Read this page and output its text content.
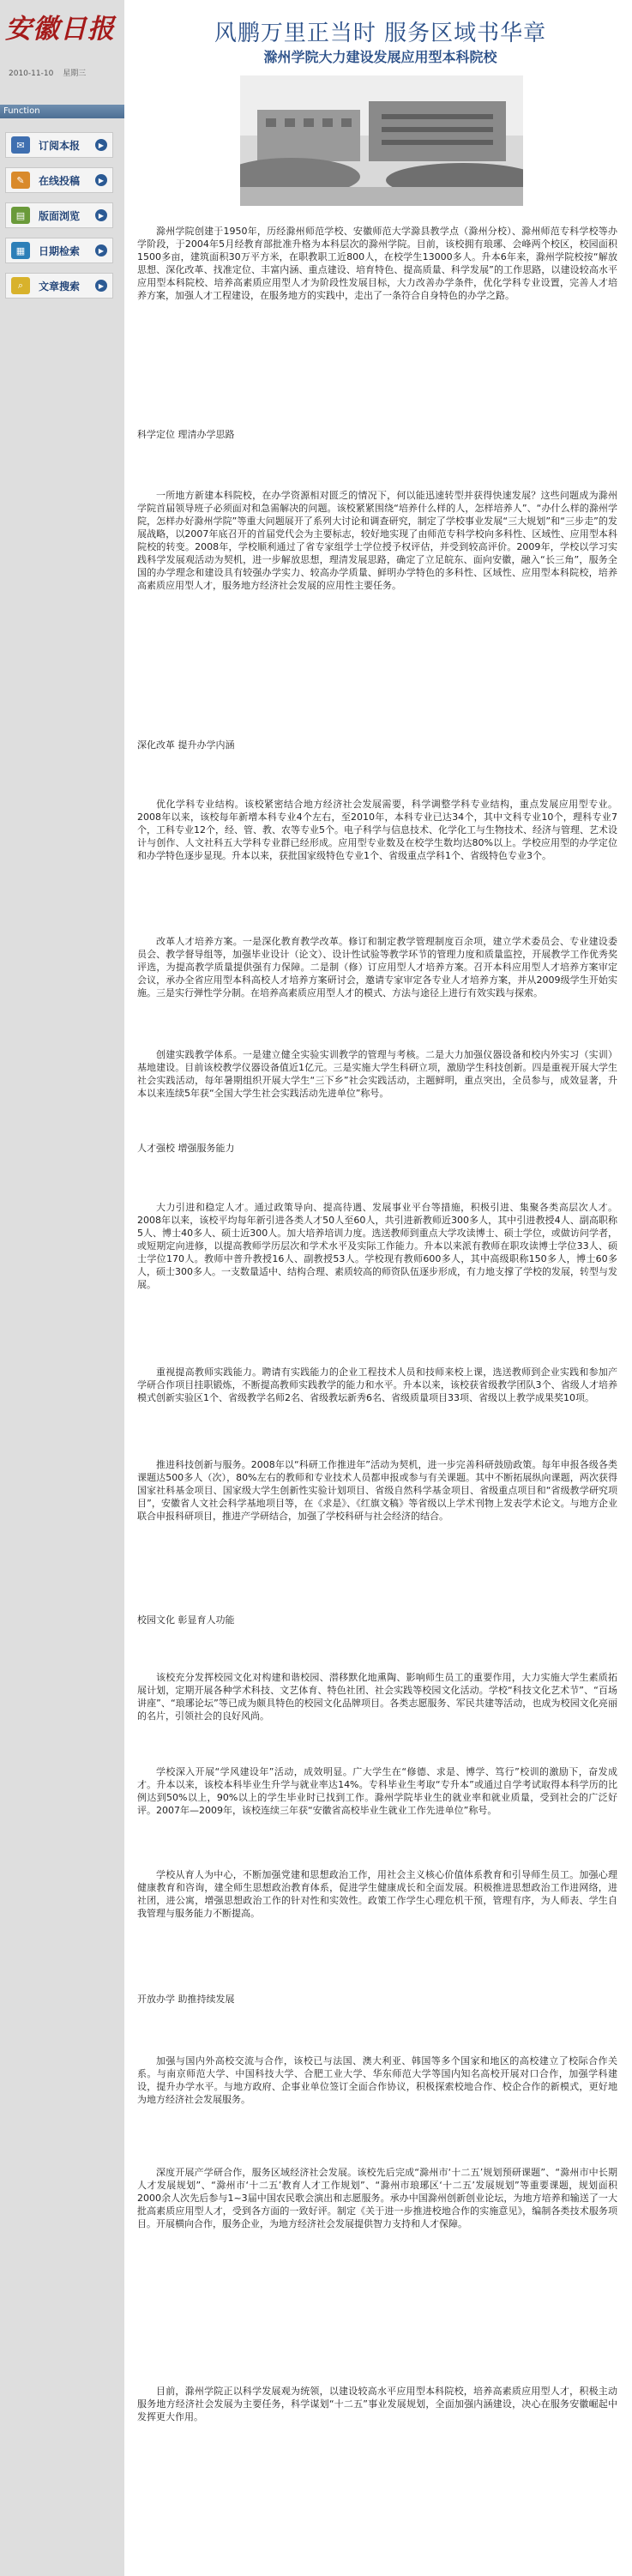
安徽日报
2010-11-10 星期三
Function
✉	订阅本报	▶
✎	在线投稿	▶
▤	版面浏览	▶
▦	日期检索	▶
⌕	文章搜索	▶
风鹏万里正当时 服务区域书华章
滁州学院大力建设发展应用型本科院校

滁州学院创建于1950年，历经滁州师范学校、安徽师范大学滁县教学点（滁州分校）、滁州师范专科学校等办学阶段，于2004年5月经教育部批准升格为本科层次的滁州学院。目前，该校拥有琅琊、会峰两个校区，校园面积1500多亩，建筑面积30万平方米，在职教职工近800人，在校学生13000多人。升本6年来，滁州学院校按“解放思想、深化改革、找准定位、丰富内涵、重点建设、培育特色、提高质量、科学发展”的工作思路，以建设较高水平应用型本科院校、培养高素质应用型人才为阶段性发展目标，大力改善办学条件，优化学科专业设置，完善人才培养方案，加强人才工程建设，在服务地方的实践中，走出了一条符合自身特色的办学之路。

科学定位 理清办学思路

一所地方新建本科院校，在办学资源相对匮乏的情况下，何以能迅速转型并获得快速发展？这些问题成为滁州学院首届领导班子必须面对和急需解决的问题。该校紧紧围绕“培养什么样的人，怎样培养人”、“办什么样的滁州学院，怎样办好滁州学院”等重大问题展开了系列大讨论和调查研究，制定了学校事业发展“三大规划”和“三步走”的发展战略，以2007年底召开的首届党代会为主要标志，较好地实现了由师范专科学校向多科性、区域性、应用型本科院校的转变。2008年，学校顺利通过了省专家组学士学位授予权评估，并受到较高评价。2009年，学校以学习实践科学发展观活动为契机，进一步解放思想，理清发展思路，确定了立足皖东、面向安徽，融入“长三角”，服务全国的办学理念和建设具有较强办学实力、较高办学质量、鲜明办学特色的多科性、区域性、应用型本科院校，培养高素质应用型人才，服务地方经济社会发展的应用性主要任务。

深化改革 提升办学内涵

优化学科专业结构。该校紧密结合地方经济社会发展需要，科学调整学科专业结构，重点发展应用型专业。2008年以来，该校每年新增本科专业4个左右，至2010年，本科专业已达34个，其中文科专业10个，理科专业7个，工科专业12个，经、管、教、农等专业5个。电子科学与信息技术、化学化工与生物技术、经济与管理、艺术设计与创作、人文社科五大学科专业群已经形成。应用型专业数及在校学生数均达80%以上。学校应用型的办学定位和办学特色逐步显现。升本以来，获批国家级特色专业1个、省级重点学科1个、省级特色专业3个。

改革人才培养方案。一是深化教育教学改革。修订和制定教学管理制度百余项，建立学术委员会、专业建设委员会、教学督导组等，加强毕业设计（论文）、设计性试验等教学环节的管理力度和质量监控，开展教学工作优秀奖评选，为提高教学质量提供强有力保障。二是制（修）订应用型人才培养方案。召开本科应用型人才培养方案审定会议，承办全省应用型本科高校人才培养方案研讨会，邀请专家审定各专业人才培养方案，并从2009级学生开始实施。三是实行弹性学分制。在培养高素质应用型人才的模式、方法与途径上进行有效实践与探索。

创建实践教学体系。一是建立健全实验实训教学的管理与考核。二是大力加强仪器设备和校内外实习（实训）基地建设。目前该校教学仪器设备值近1亿元。三是实施大学生科研立项，激励学生科技创新。四是重视开展大学生社会实践活动，每年暑期组织开展大学生“三下乡”社会实践活动，主题鲜明，重点突出，全员参与，成效显著，升本以来连续5年获“全国大学生社会实践活动先进单位”称号。

人才强校 增强服务能力

大力引进和稳定人才。通过政策导向、提高待遇、发展事业平台等措施，积极引进、集聚各类高层次人才。2008年以来，该校平均每年新引进各类人才50人至60人，共引进新教师近300多人，其中引进教授4人、副高职称5人、博士40多人、硕士近300人。加大培养培训力度。选送教师到重点大学攻读博士、硕士学位，或做访问学者，或短期定向进修，以提高教师学历层次和学术水平及实际工作能力。升本以来派有教师在职攻读博士学位33人、硕士学位170人。教师中普升教授16人、副教授53人。学校现有教师600多人，其中高级职称150多人，博士60多人，硕士300多人。一支数量适中、结构合理、素质较高的师资队伍逐步形成，有力地支撑了学校的发展，转型与发展。

重视提高教师实践能力。聘请有实践能力的企业工程技术人员和技师来校上课，选送教师到企业实践和参加产学研合作项目挂职锻炼，不断提高教师实践教学的能力和水平。升本以来，该校获省级教学团队3个、省级人才培养模式创新实验区1个、省级教学名师2名、省级教坛新秀6名、省级质量项目33项、省级以上教学成果奖10项。

推进科技创新与服务。2008年以“科研工作推进年”活动为契机，进一步完善科研鼓励政策。每年申报各级各类课题达500多人（次），80%左右的教师和专业技术人员都申报或参与有关课题。其中不断拓展纵向课题，两次获得国家社科基金项目、国家级大学生创新性实验计划项目、省级自然科学基金项目、省级重点项目和“省级教学研究项目”，安徽省人文社会科学基地项目等，在《求是》、《红旗文稿》等省级以上学术刊物上发表学术论文。与地方企业联合申报科研项目，推进产学研结合，加强了学校科研与社会经济的结合。

校园文化 彰显育人功能

该校充分发挥校园文化对构建和谐校园、潜移默化地熏陶、影响师生员工的重要作用，大力实施大学生素质拓展计划，定期开展各种学术科技、文艺体育、特色社团、社会实践等校园文化活动。学校“科技文化艺术节”、“百场讲座”、“琅琊论坛”等已成为颇具特色的校园文化品牌项目。各类志愿服务、军民共建等活动，也成为校园文化亮丽的名片，引领社会的良好风尚。

学校深入开展“学风建设年”活动，成效明显。广大学生在“修德、求是、博学、笃行”校训的激励下，奋发成才。升本以来，该校本科毕业生升学与就业率达14%。专科毕业生考取“专升本”或通过自学考试取得本科学历的比例达到50%以上，90%以上的学生毕业时已找到工作。滁州学院毕业生的就业率和就业质量，受到社会的广泛好评。2007年—2009年，该校连续三年获“安徽省高校毕业生就业工作先进单位”称号。

学校从育人为中心，不断加强党建和思想政治工作，用社会主义核心价值体系教育和引导师生员工。加强心理健康教育和咨询，建全师生思想政治教育体系，促进学生健康成长和全面发展。积极推进思想政治工作进网络，进社团，进公寓，增强思想政治工作的针对性和实效性。政策工作学生心理危机干预，管理有序，为人师表、学生自我管理与服务能力不断提高。

开放办学 助推持续发展

加强与国内外高校交流与合作，该校已与法国、澳大利亚、韩国等多个国家和地区的高校建立了校际合作关系。与南京师范大学、中国科技大学、合肥工业大学、华东师范大学等国内知名高校开展对口合作，加强学科建设，提升办学水平。与地方政府、企事业单位签订全面合作协议，积极探索校地合作、校企合作的新模式，更好地为地方经济社会发展服务。

深度开展产学研合作，服务区域经济社会发展。该校先后完成“滁州市‘十二五’规划预研课题”、“滁州市中长期人才发展规划”、“滁州市‘十二五’教育人才工作规划”、“滁州市琅琊区‘十二五’发展规划”等重要课题，规划面积2000余人次先后参与1~3届中国农民歌会演出和志愿服务。承办中国滁州创新创业论坛，为地方培养和输送了一大批高素质应用型人才，受到各方面的一致好评。制定《关于进一步推进校地合作的实施意见》，编制各类技术服务项目。开展横向合作，服务企业，为地方经济社会发展提供智力支持和人才保障。

目前，滁州学院正以科学发展观为统领，以建设较高水平应用型本科院校，培养高素质应用型人才，积极主动服务地方经济社会发展为主要任务，科学谋划“十二五”事业发展规划，全面加强内涵建设，决心在服务安徽崛起中发挥更大作用。
